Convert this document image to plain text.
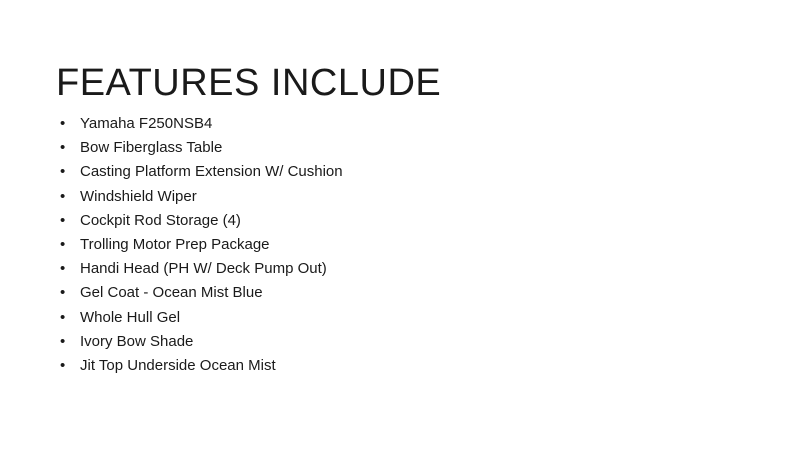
FEATURES INCLUDE
• Yamaha F250NSB4
• Bow Fiberglass Table
• Casting Platform Extension W/ Cushion
• Windshield Wiper
• Cockpit Rod Storage (4)
• Trolling Motor Prep Package
• Handi Head (PH W/ Deck Pump Out)
• Gel Coat - Ocean Mist Blue
• Whole Hull Gel
• Ivory Bow Shade
• Jit Top Underside Ocean Mist
